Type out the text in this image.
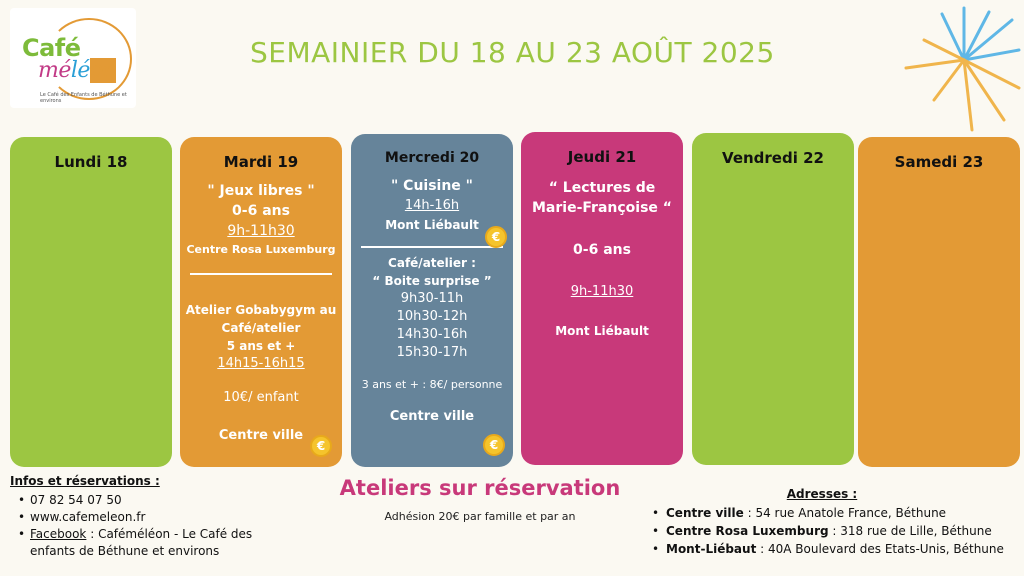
Café
méléon
Le Café des Enfants de Béthune et environs
SEMAINIER DU 18 AU 23 AOÛT 2025
Lundi 18	Mardi 19
" Jeux libres "
0-6 ans
9h-11h30
Centre Rosa Luxemburg
Atelier Gobabygym au
Café/atelier
5 ans et +
14h15-16h15
10€/ enfant
Centre ville
€
Mercredi 20
" Cuisine "
14h-16h
Mont Liébault
€
Café/atelier :
“ Boite surprise ”
9h30-11h
10h30-12h
14h30-16h
15h30-17h
3 ans et + : 8€/ personne
Centre ville
€
Jeudi 21
“ Lectures de
Marie-Françoise “
0-6 ans
9h-11h30
Mont Liébault
Vendredi 22	Samedi 23
Infos et réservations :
• 07 82 54 07 50
• www.cafemeleon.fr
• Facebook : Caféméléon - Le Café des
enfants de Béthune et environs
Ateliers sur réservation
Adhésion 20€ par famille et par an
Adresses :
• Centre ville : 54 rue Anatole France, Béthune
• Centre Rosa Luxemburg : 318 rue de Lille, Béthune
• Mont-Liébaut : 40A Boulevard des Etats-Unis, Béthune
